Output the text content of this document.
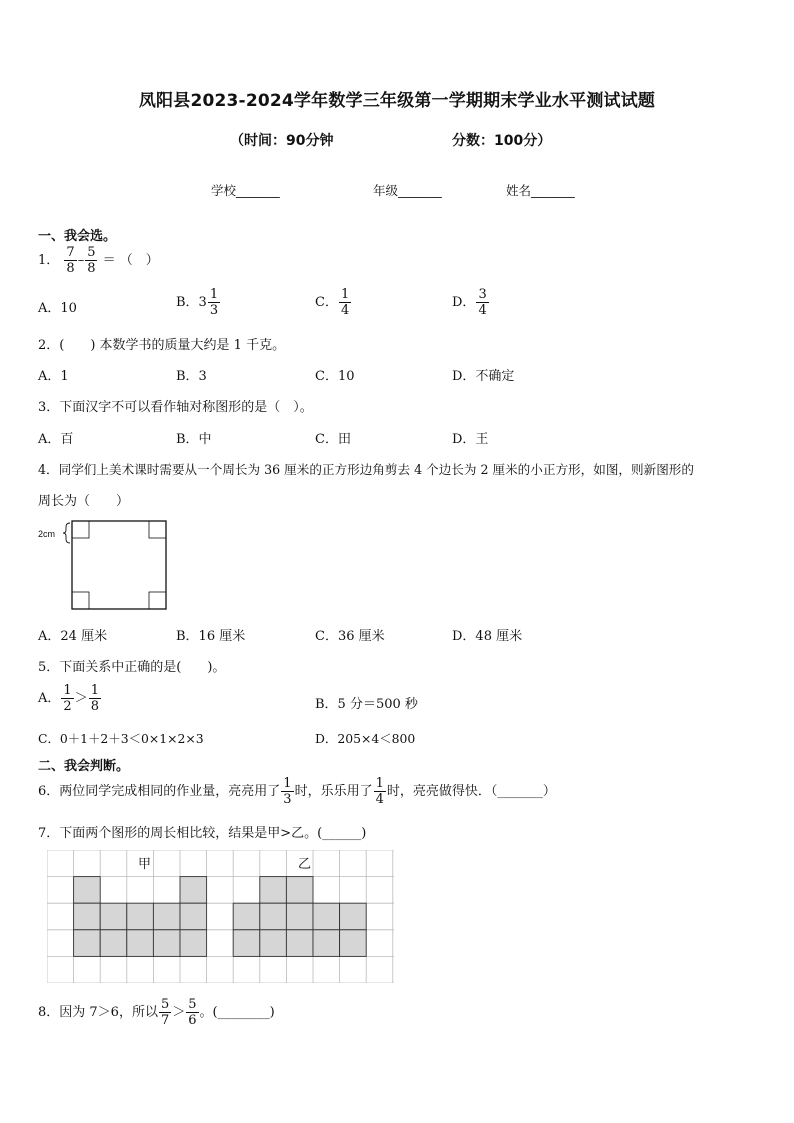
凤阳县2023-2024学年数学三年级第一学期期末学业水平测试试题
（时间：90分钟	分数：100分）
学校_______	年级_______	姓名_______
一、我会选。
1． $\frac{7}{8} - \frac{5}{8}$ ＝ （　）
A．10	B．$3 \frac{1}{3}$	C． $\frac{1}{4}$	D． $\frac{3}{4}$
2．(　　) 本数学书的质量大约是 1 千克。
A．1	B．3	C．10	D．不确定
3．下面汉字不可以看作轴对称图形的是（　）。
A．百	B．中	C．田	D．王
4．同学们上美术课时需要从一个周长为 36 厘米的正方形边角剪去 4 个边长为 2 厘米的小正方形，如图，则新图形的
周长为（　　）
2cm
A．24 厘米	B．16 厘米	C．36 厘米	D．48 厘米
5．下面关系中正确的是(　　)。
A． $\frac{1}{2} > \frac{1}{8}$	B．5 分＝500 秒
C．0＋1＋2＋3＜0×1×2×3	D．205×4＜800
二、我会判断。
6．两位同学完成相同的作业量，亮亮用了 $\frac{1}{3}$ 时，乐乐用了 $\frac{1}{4}$ 时，亮亮做得快．（_______）
7．下面两个图形的周长相比较，结果是甲>乙。(______)
甲	乙
8．因为 7＞6，所以 $\frac{5}{7} > \frac{5}{6}$ 。(________)
